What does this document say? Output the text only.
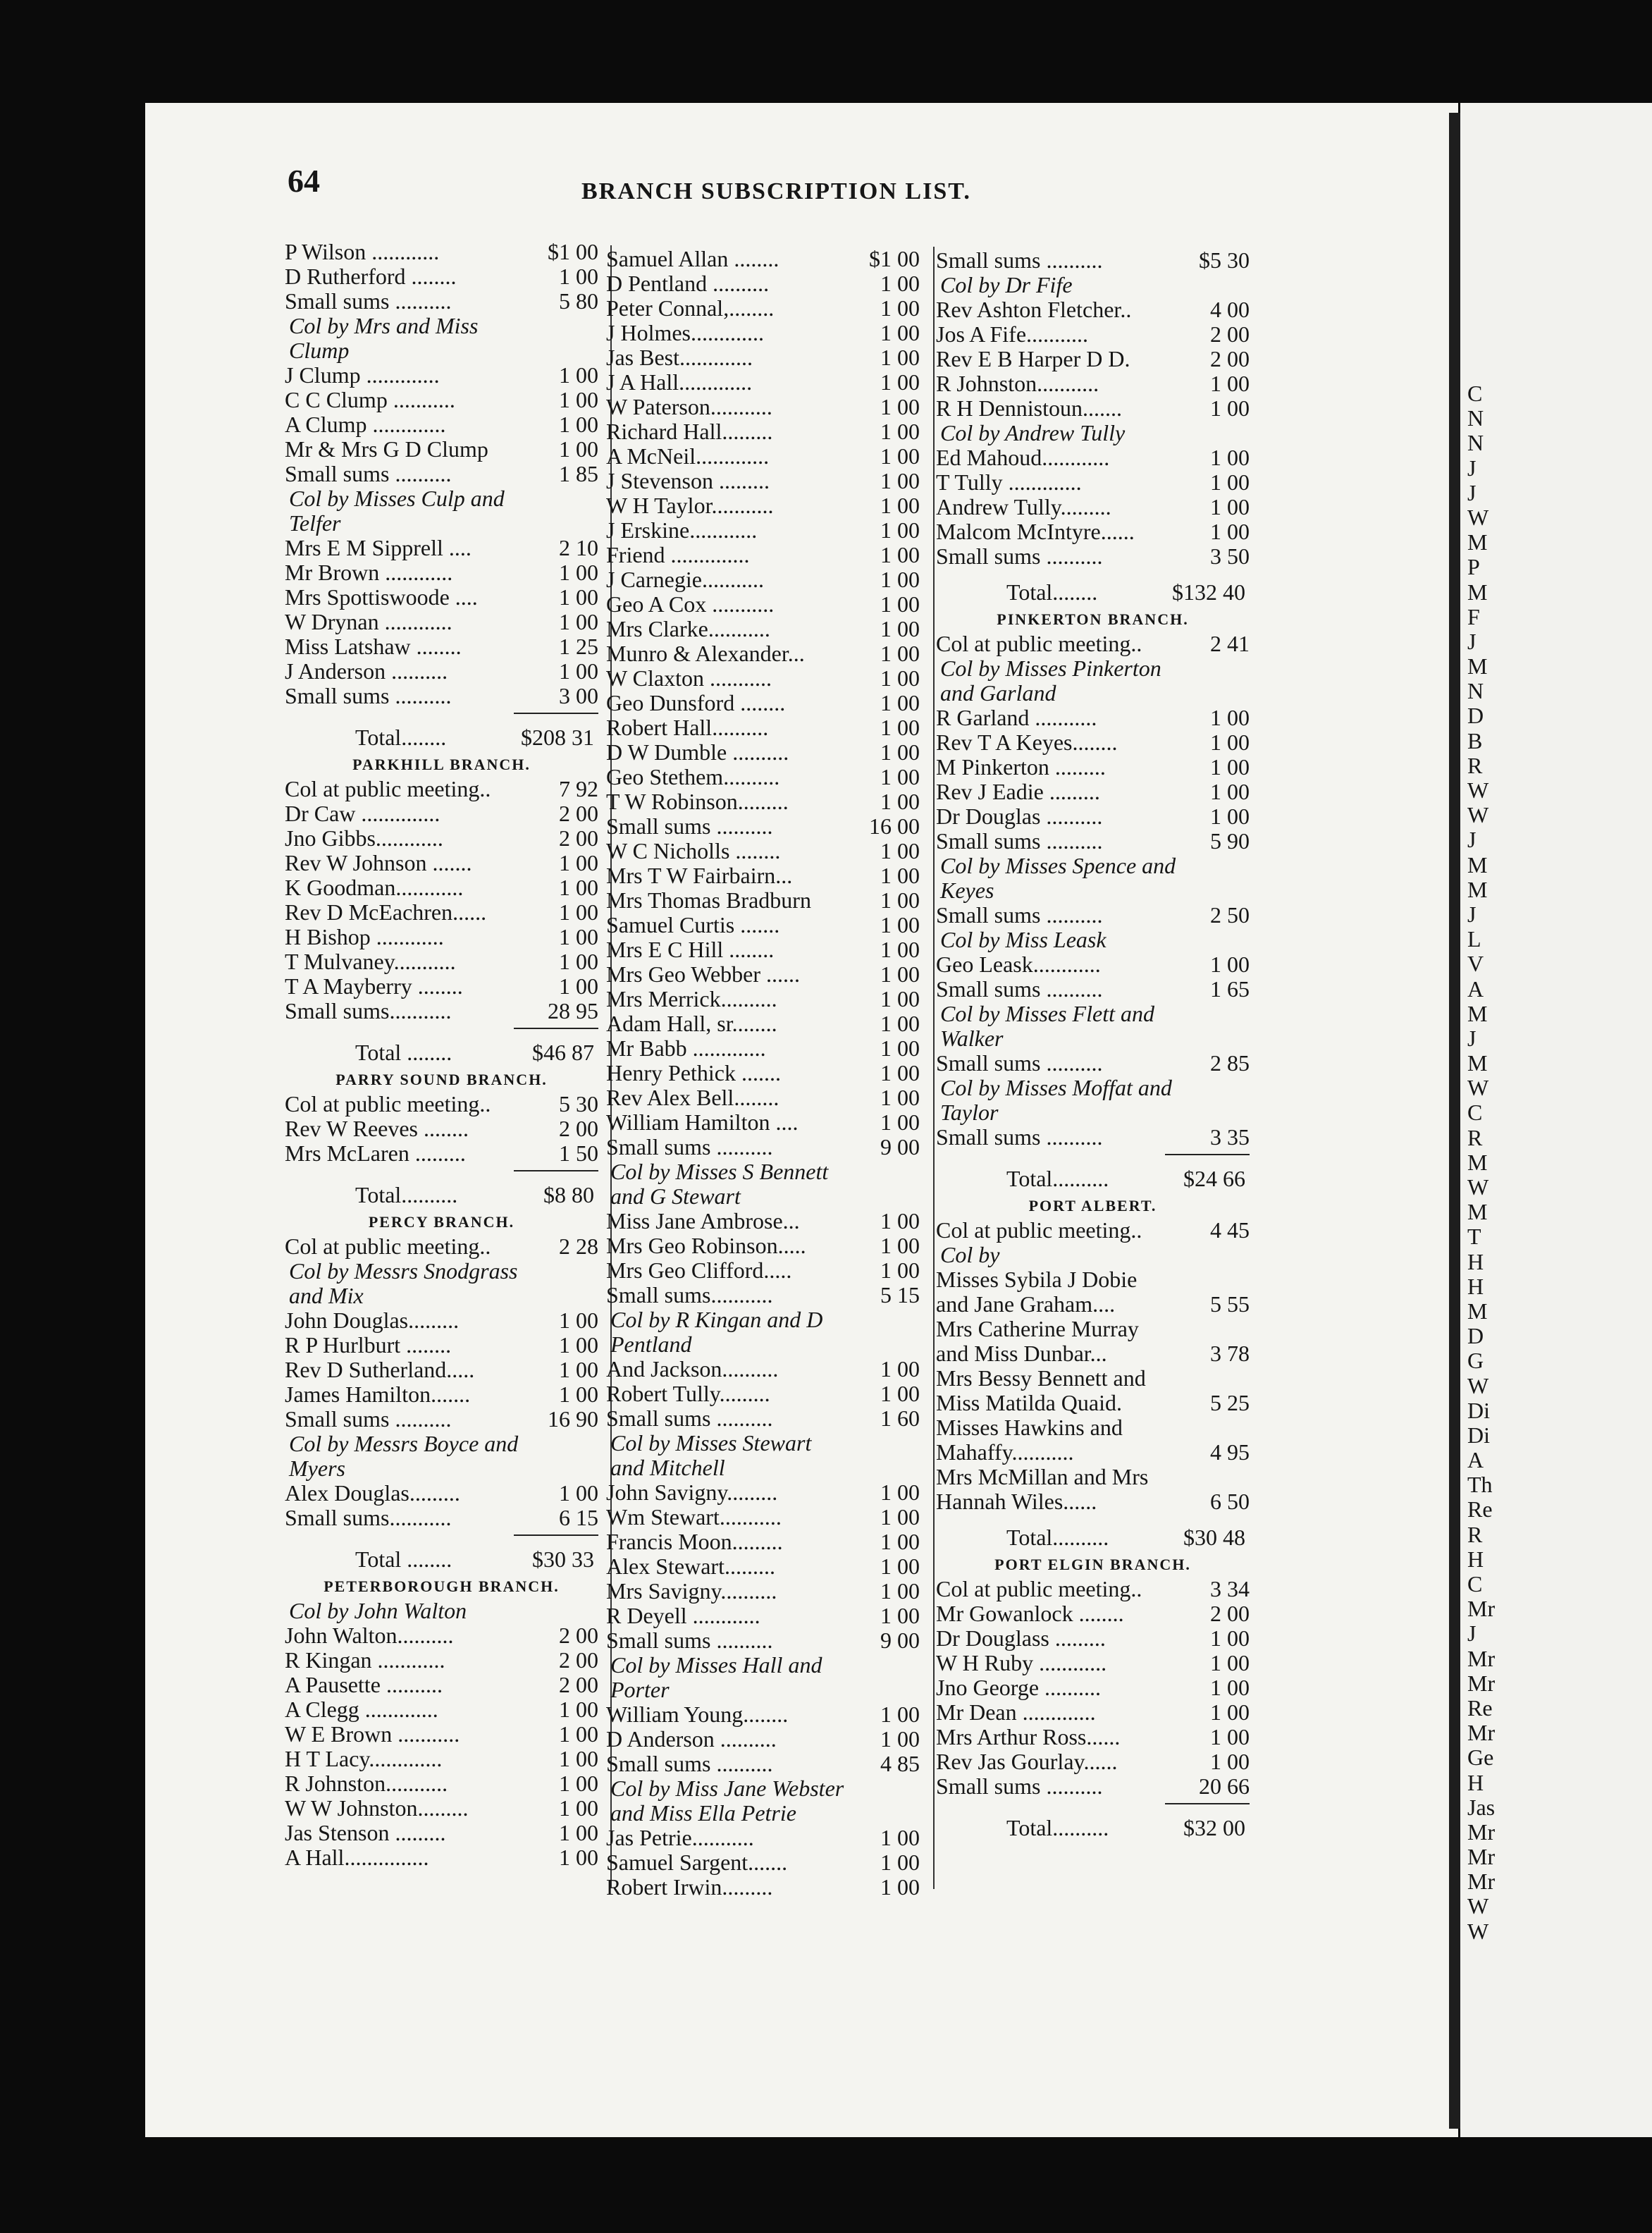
C
N
N
J
J
W
M
P
M
F
J
M
N
D
B
R
W
W
J
M
M
J
L
V
A
M
J
M
W
C
R
M
W
M
T
H
H
M
D
G
W
Di
Di
A
Th
Re
R
H
C
Mr
J
Mr
Mr
Re
Mr
Ge
H
Jas
Mr
Mr
Mr
W
W
64	BRANCH SUBSCRIPTION LIST.
P Wilson ............	$1 00
D Rutherford ........	1 00
Small sums ..........	5 80
Col by Mrs and Miss
Clump
J Clump .............	1 00
C C Clump ...........	1 00
A Clump .............	1 00
Mr & Mrs G D Clump	1 00
Small sums ..........	1 85
Col by Misses Culp and
Telfer
Mrs E M Sipprell ....	2 10
Mr Brown ............	1 00
Mrs Spottiswoode ....	1 00
W Drynan ............	1 00
Miss Latshaw ........	1 25
J Anderson ..........	1 00
Small sums ..........	3 00
Total........	$208 31
PARKHILL BRANCH.
Col at public meeting..	7 92
Dr Caw ..............	2 00
Jno Gibbs............	2 00
Rev W Johnson .......	1 00
K Goodman............	1 00
Rev D McEachren......	1 00
H Bishop ............	1 00
T Mulvaney...........	1 00
T A Mayberry ........	1 00
Small sums...........	28 95
Total ........	$46 87
PARRY SOUND BRANCH.
Col at public meeting..	5 30
Rev W Reeves ........	2 00
Mrs McLaren .........	1 50
Total..........	$8 80
PERCY BRANCH.
Col at public meeting..	2 28
Col by Messrs Snodgrass
and Mix
John Douglas.........	1 00
R P Hurlburt ........	1 00
Rev D Sutherland.....	1 00
James Hamilton.......	1 00
Small sums ..........	16 90
Col by Messrs Boyce and
Myers
Alex Douglas.........	1 00
Small sums...........	6 15
Total ........	$30 33
PETERBOROUGH BRANCH.
Col by John Walton
John Walton..........	2 00
R Kingan ............	2 00
A Pausette ..........	2 00
A Clegg .............	1 00
W E Brown ...........	1 00
H T Lacy.............	1 00
R Johnston...........	1 00
W W Johnston.........	1 00
Jas Stenson .........	1 00
A Hall...............	1 00
Samuel Allan ........	$1 00
D Pentland ..........	1 00
Peter Connal,........	1 00
J Holmes.............	1 00
Jas Best.............	1 00
J A Hall.............	1 00
W Paterson...........	1 00
Richard Hall.........	1 00
A McNeil.............	1 00
J Stevenson .........	1 00
W H Taylor...........	1 00
J Erskine............	1 00
Friend ..............	1 00
J Carnegie...........	1 00
Geo A Cox ...........	1 00
Mrs Clarke...........	1 00
Munro & Alexander...	1 00
W Claxton ...........	1 00
Geo Dunsford ........	1 00
Robert Hall..........	1 00
D W Dumble ..........	1 00
Geo Stethem..........	1 00
T W Robinson.........	1 00
Small sums ..........	16 00
W C Nicholls ........	1 00
Mrs T W Fairbairn...	1 00
Mrs Thomas Bradburn	1 00
Samuel Curtis .......	1 00
Mrs E C Hill ........	1 00
Mrs Geo Webber ......	1 00
Mrs Merrick..........	1 00
Adam Hall, sr........	1 00
Mr Babb .............	1 00
Henry Pethick .......	1 00
Rev Alex Bell........	1 00
William Hamilton ....	1 00
Small sums ..........	9 00
Col by Misses S Bennett
and G Stewart
Miss Jane Ambrose...	1 00
Mrs Geo Robinson.....	1 00
Mrs Geo Clifford.....	1 00
Small sums...........	5 15
Col by R Kingan and D
Pentland
And Jackson..........	1 00
Robert Tully.........	1 00
Small sums ..........	1 60
Col by Misses Stewart
and Mitchell
John Savigny.........	1 00
Wm Stewart...........	1 00
Francis Moon.........	1 00
Alex Stewart.........	1 00
Mrs Savigny..........	1 00
R Deyell ............	1 00
Small sums ..........	9 00
Col by Misses Hall and
Porter
William Young........	1 00
D Anderson ..........	1 00
Small sums ..........	4 85
Col by Miss Jane Webster
and Miss Ella Petrie
Jas Petrie...........	1 00
Samuel Sargent.......	1 00
Robert Irwin.........	1 00
Small sums ..........	$5 30
Col by Dr Fife
Rev Ashton Fletcher..	4 00
Jos A Fife...........	2 00
Rev E B Harper D D.	2 00
R Johnston...........	1 00
R H Dennistoun.......	1 00
Col by Andrew Tully
Ed Mahoud............	1 00
T Tully .............	1 00
Andrew Tully.........	1 00
Malcom McIntyre......	1 00
Small sums ..........	3 50
Total........	$132 40
PINKERTON BRANCH.
Col at public meeting..	2 41
Col by Misses Pinkerton
and Garland
R Garland ...........	1 00
Rev T A Keyes........	1 00
M Pinkerton .........	1 00
Rev J Eadie .........	1 00
Dr Douglas ..........	1 00
Small sums ..........	5 90
Col by Misses Spence and
Keyes
Small sums ..........	2 50
Col by Miss Leask
Geo Leask............	1 00
Small sums ..........	1 65
Col by Misses Flett and
Walker
Small sums ..........	2 85
Col by Misses Moffat and
Taylor
Small sums ..........	3 35
Total..........	$24 66
PORT ALBERT.
Col at public meeting..	4 45
Col by
Misses Sybila J Dobie
and Jane Graham....	5 55
Mrs Catherine Murray
and Miss Dunbar...	3 78
Mrs Bessy Bennett and
Miss Matilda Quaid.	5 25
Misses Hawkins and
Mahaffy...........	4 95
Mrs McMillan and Mrs
Hannah Wiles......	6 50
Total..........	$30 48
PORT ELGIN BRANCH.
Col at public meeting..	3 34
Mr Gowanlock ........	2 00
Dr Douglass .........	1 00
W H Ruby ............	1 00
Jno George ..........	1 00
Mr Dean .............	1 00
Mrs Arthur Ross......	1 00
Rev Jas Gourlay......	1 00
Small sums ..........	20 66
Total..........	$32 00
